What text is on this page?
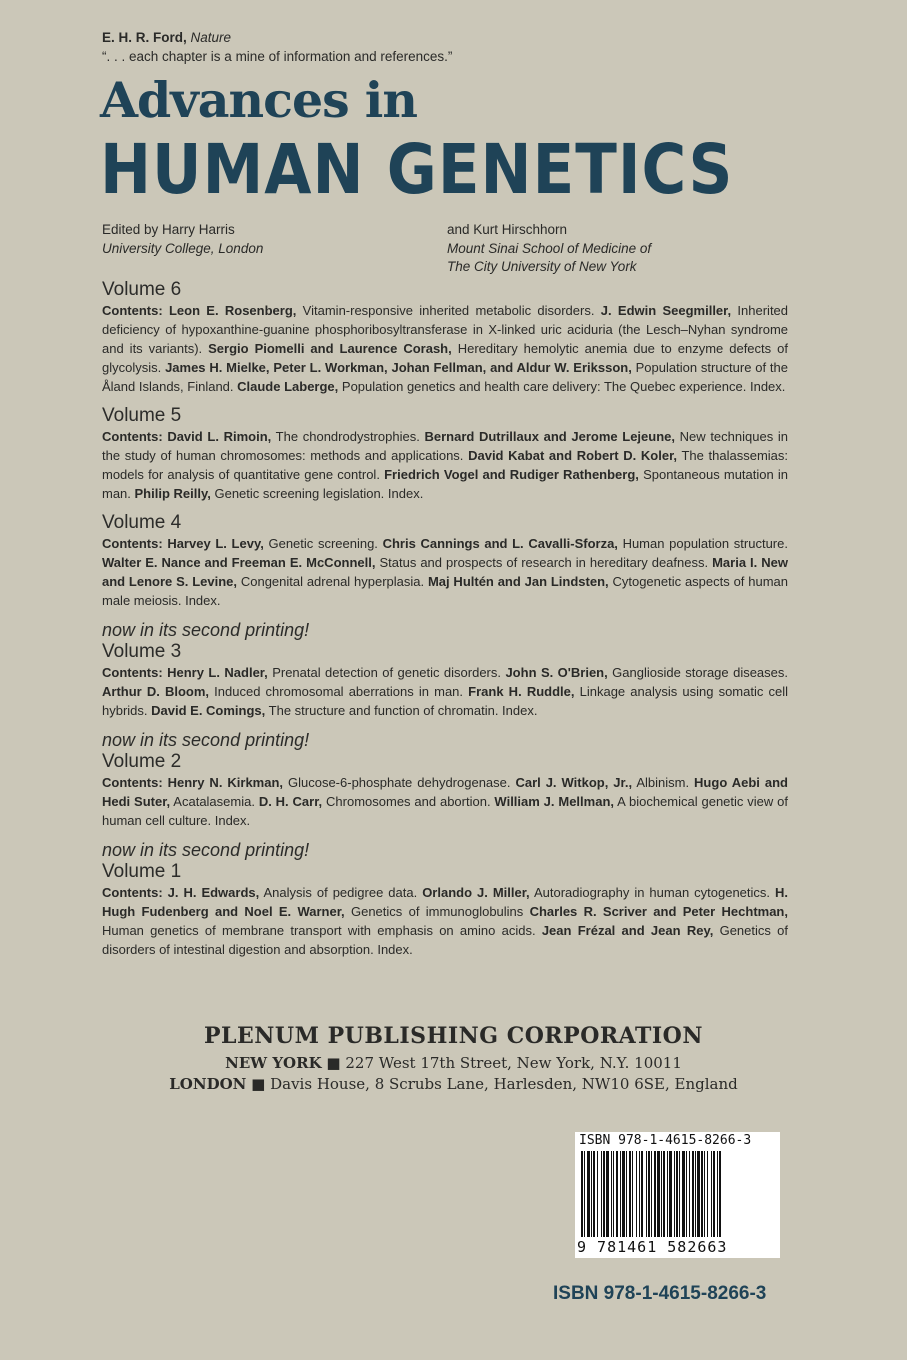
E. H. R. Ford, Nature
“. . . each chapter is a mine of information and references.”
Advances in
HUMAN GENETICS
Edited by Harry Harris
University College, London
and Kurt Hirschhorn
Mount Sinai School of Medicine of
The City University of New York
Volume 6
Contents: Leon E. Rosenberg, Vitamin-responsive inherited metabolic disorders. J. Edwin Seegmiller, Inherited deficiency of hypoxanthine-guanine phosphoribosyltransferase in X-linked uric aciduria (the Lesch–Nyhan syndrome and its variants). Sergio Piomelli and Laurence Corash, Hereditary hemolytic anemia due to enzyme defects of glycolysis. James H. Mielke, Peter L. Workman, Johan Fellman, and Aldur W. Eriksson, Population structure of the Åland Islands, Finland. Claude Laberge, Population genetics and health care delivery: The Quebec experience. Index.
Volume 5
Contents: David L. Rimoin, The chondrodystrophies. Bernard Dutrillaux and Jerome Lejeune, New techniques in the study of human chromosomes: methods and applications. David Kabat and Robert D. Koler, The thalassemias: models for analysis of quantitative gene control. Friedrich Vogel and Rudiger Rathenberg, Spontaneous mutation in man. Philip Reilly, Genetic screening legislation. Index.
Volume 4
Contents: Harvey L. Levy, Genetic screening. Chris Cannings and L. Cavalli-Sforza, Human population structure. Walter E. Nance and Freeman E. McConnell, Status and prospects of research in hereditary deafness. Maria I. New and Lenore S. Levine, Congenital adrenal hyperplasia. Maj Hultén and Jan Lindsten, Cytogenetic aspects of human male meiosis. Index.
now in its second printing!
Volume 3
Contents: Henry L. Nadler, Prenatal detection of genetic disorders. John S. O'Brien, Ganglioside storage diseases. Arthur D. Bloom, Induced chromosomal aberrations in man. Frank H. Ruddle, Linkage analysis using somatic cell hybrids. David E. Comings, The structure and function of chromatin. Index.
now in its second printing!
Volume 2
Contents: Henry N. Kirkman, Glucose-6-phosphate dehydrogenase. Carl J. Witkop, Jr., Albinism. Hugo Aebi and Hedi Suter, Acatalasemia. D. H. Carr, Chromosomes and abortion. William J. Mellman, A biochemical genetic view of human cell culture. Index.
now in its second printing!
Volume 1
Contents: J. H. Edwards, Analysis of pedigree data. Orlando J. Miller, Autoradiography in human cytogenetics. H. Hugh Fudenberg and Noel E. Warner, Genetics of immunoglobulins Charles R. Scriver and Peter Hechtman, Human genetics of membrane transport with emphasis on amino acids. Jean Frézal and Jean Rey, Genetics of disorders of intestinal digestion and absorption. Index.
PLENUM PUBLISHING CORPORATION
NEW YORK ■ 227 West 17th Street, New York, N.Y. 10011
LONDON ■ Davis House, 8 Scrubs Lane, Harlesden, NW10 6SE, England
ISBN 978-1-4615-8266-3
9 781461 582663
ISBN 978-1-4615-8266-3
